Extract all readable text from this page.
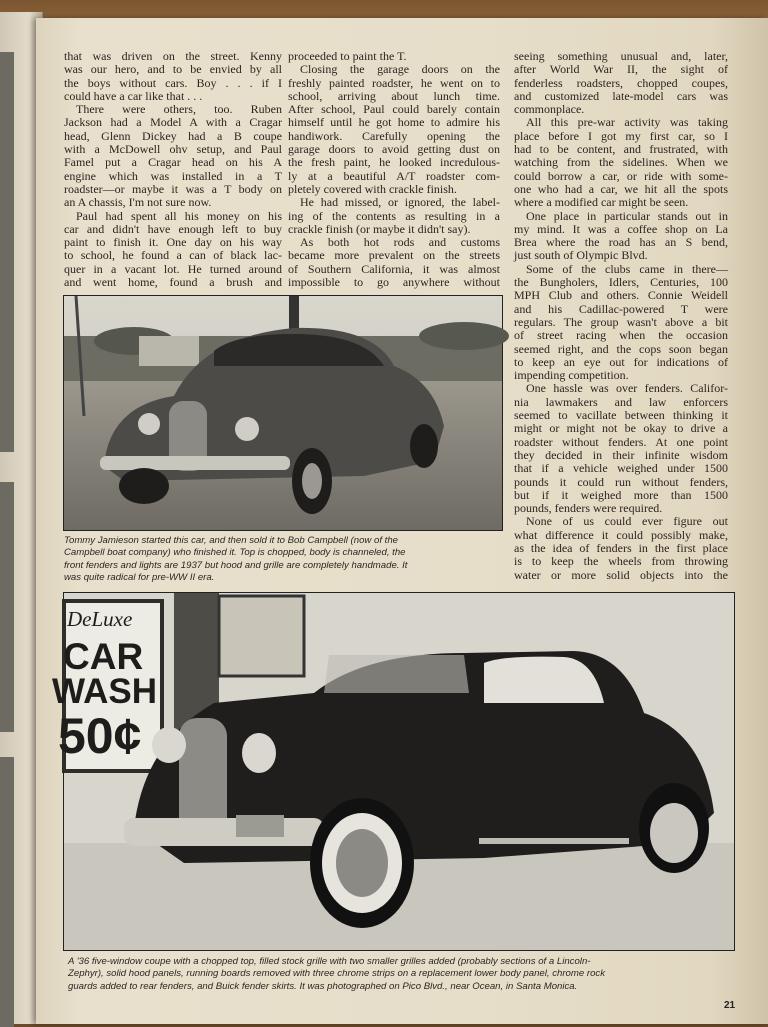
that was driven on the street. Kenny
was our hero, and to be envied by all
the boys without cars. Boy . . . if I
could have a car like that . . .
There were others, too. Ruben
Jackson had a Model A with a Cragar
head, Glenn Dickey had a B coupe
with a McDowell ohv setup, and Paul
Famel put a Cragar head on his A
engine which was installed in a T
roadster—or maybe it was a T body on
an A chassis, I'm not sure now.
Paul had spent all his money on his
car and didn't have enough left to buy
paint to finish it. One day on his way
to school, he found a can of black lac-
quer in a vacant lot. He turned around
and went home, found a brush and
proceeded to paint the T.
Closing the garage doors on the
freshly painted roadster, he went on to
school, arriving about lunch time.
After school, Paul could barely contain
himself until he got home to admire his
handiwork. Carefully opening the
garage doors to avoid getting dust on
the fresh paint, he looked incredulous-
ly at a beautiful A/T roadster com-
pletely covered with crackle finish.
He had missed, or ignored, the label-
ing of the contents as resulting in a
crackle finish (or maybe it didn't say).
As both hot rods and customs
became more prevalent on the streets
of Southern California, it was almost
impossible to go anywhere without
seeing something unusual and, later,
after World War II, the sight of
fenderless roadsters, chopped coupes,
and customized late-model cars was
commonplace.
All this pre-war activity was taking
place before I got my first car, so I
had to be content, and frustrated, with
watching from the sidelines. When we
could borrow a car, or ride with some-
one who had a car, we hit all the spots
where a modified car might be seen.
One place in particular stands out in
my mind. It was a coffee shop on La
Brea where the road has an S bend,
just south of Olympic Blvd.
Some of the clubs came in there—
the Bungholers, Idlers, Centuries, 100
MPH Club and others. Connie Weidell
and his Cadillac-powered T were
regulars. The group wasn't above a bit
of street racing when the occasion
seemed right, and the cops soon began
to keep an eye out for indications of
impending competition.
One hassle was over fenders. Califor-
nia lawmakers and law enforcers
seemed to vacillate between thinking it
might or might not be okay to drive a
roadster without fenders. At one point
they decided in their infinite wisdom
that if a vehicle weighed under 1500
pounds it could run without fenders,
but if it weighed more than 1500
pounds, fenders were required.
None of us could ever figure out
what difference it could possibly make,
as the idea of fenders in the first place
is to keep the wheels from throwing
water or more solid objects into the
Tommy Jamieson started this car, and then sold it to Bob Campbell (now of the
Campbell boat company) who finished it. Top is chopped, body is channeled, the
front fenders and lights are 1937 but hood and grille are completely handmade. It
was quite radical for pre-WW II era.
DeLuxe
CAR
WASH
50¢
A '36 five-window coupe with a chopped top, filled stock grille with two smaller grilles added (probably sections of a Lincoln-
Zephyr), solid hood panels, running boards removed with three chrome strips on a replacement lower body panel, chrome rock
guards added to rear fenders, and Buick fender skirts. It was photographed on Pico Blvd., near Ocean, in Santa Monica.
21
